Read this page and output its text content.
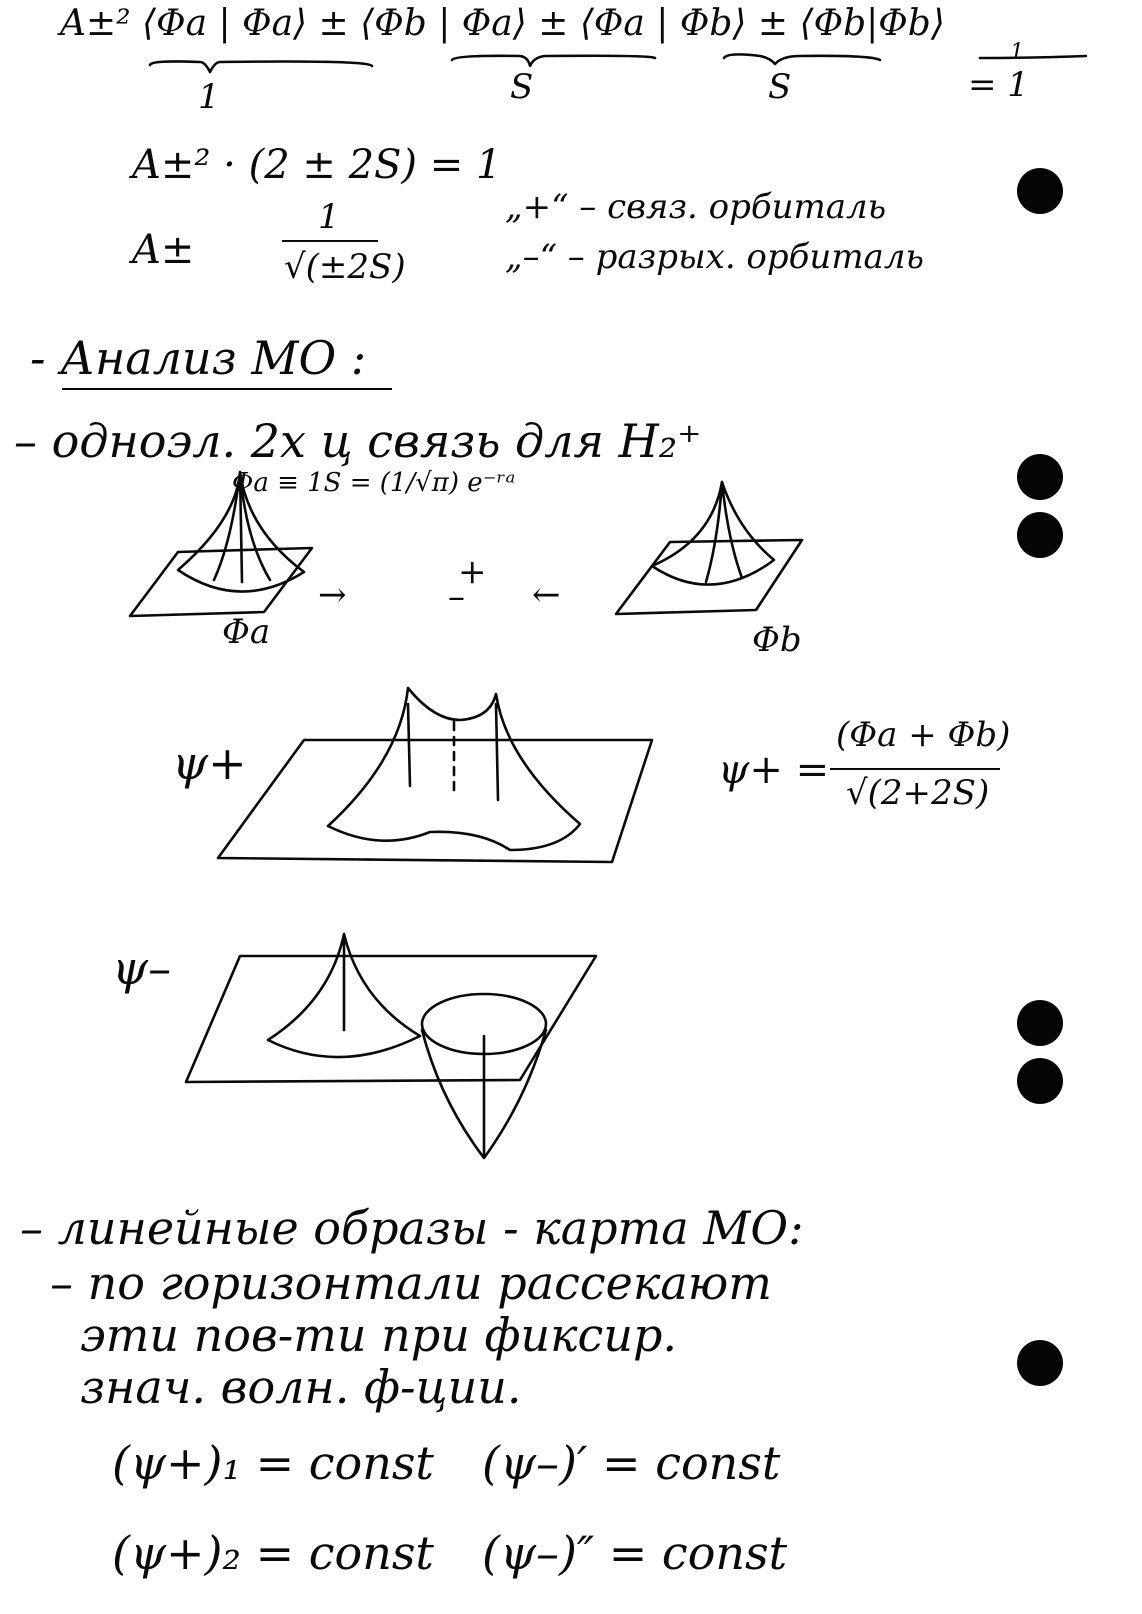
A±² ⟨Φa | Φa⟩ ± ⟨Φb | Φa⟩ ± ⟨Φa | Φb⟩ ± ⟨Φb|Φb⟩
1	S	S	= 1
1
A±² · (2 ± 2S) = 1
A±
1
√(±2S)
„+“ – связ. орбиталь
„–“ – разрых. орбиталь
- Анализ МО :
– одноэл. 2х ц связь для H₂⁺
Φa ≡ 1S = (1/√π) e⁻ʳᵃ
Φa	Φb
+
–
→	←
ψ+	ψ+ =
(Φa + Φb)
√(2+2S)
ψ–
– линейные образы - карта МО:
– по горизонтали рассекают
эти пов-ти при фиксир.
знач. волн. ф-ции.
(ψ+)₁ = const (ψ–)′ = const
(ψ+)₂ = const (ψ–)″ = const
